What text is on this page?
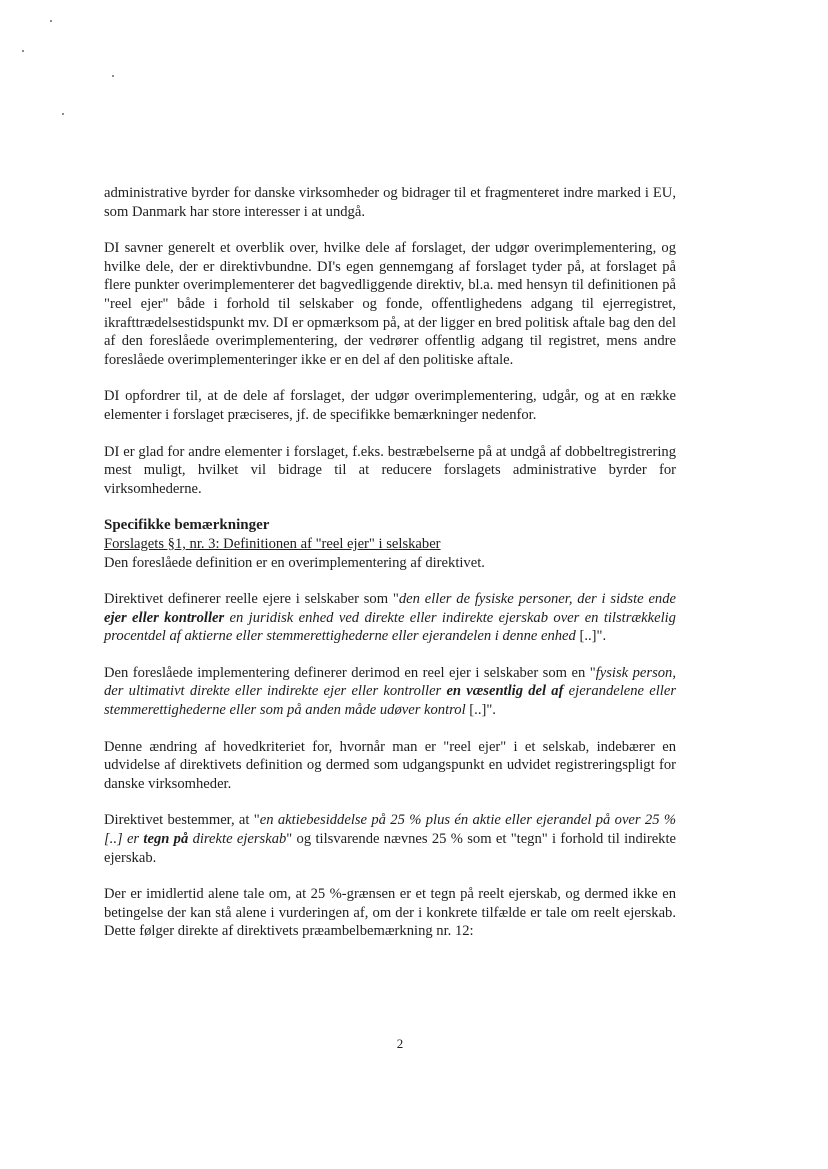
administrative byrder for danske virksomheder og bidrager til et fragmenteret indre marked i EU, som Danmark har store interesser i at undgå.

DI savner generelt et overblik over, hvilke dele af forslaget, der udgør overimplementering, og hvilke dele, der er direktivbundne. DI's egen gennemgang af forslaget tyder på, at forslaget på flere punkter overimplementerer det bagvedliggende direktiv, bl.a. med hensyn til definitionen på "reel ejer" både i forhold til selskaber og fonde, offentlighedens adgang til ejerregistret, ikrafttrædelsestidspunkt mv. DI er opmærksom på, at der ligger en bred politisk aftale bag den del af den foreslåede overimplementering, der vedrører offentlig adgang til registret, mens andre foreslåede overimplementeringer ikke er en del af den politiske aftale.

DI opfordrer til, at de dele af forslaget, der udgør overimplementering, udgår, og at en række elementer i forslaget præciseres, jf. de specifikke bemærkninger nedenfor.

DI er glad for andre elementer i forslaget, f.eks. bestræbelserne på at undgå af dobbeltregistrering mest muligt, hvilket vil bidrage til at reducere forslagets administrative byrder for virksomhederne.

Specifikke bemærkninger

Forslagets §1, nr. 3: Definitionen af "reel ejer" i selskaber

Den foreslåede definition er en overimplementering af direktivet.

Direktivet definerer reelle ejere i selskaber som "den eller de fysiske personer, der i sidste ende ejer eller kontroller en juridisk enhed ved direkte eller indirekte ejerskab over en tilstrækkelig procentdel af aktierne eller stemmerettighederne eller ejerandelen i denne enhed [..]".

Den foreslåede implementering definerer derimod en reel ejer i selskaber som en "fysisk person, der ultimativt direkte eller indirekte ejer eller kontroller en væsentlig del af ejerandelene eller stemmerettighederne eller som på anden måde udøver kontrol [..]".

Denne ændring af hovedkriteriet for, hvornår man er "reel ejer" i et selskab, indebærer en udvidelse af direktivets definition og dermed som udgangspunkt en udvidet registreringspligt for danske virksomheder.

Direktivet bestemmer, at "en aktiebesiddelse på 25 % plus én aktie eller ejerandel på over 25 % [..] er tegn på direkte ejerskab" og tilsvarende nævnes 25 % som et "tegn" i forhold til indirekte ejerskab.

Der er imidlertid alene tale om, at 25 %-grænsen er et tegn på reelt ejerskab, og dermed ikke en betingelse der kan stå alene i vurderingen af, om der i konkrete tilfælde er tale om reelt ejerskab. Dette følger direkte af direktivets præambelbemærkning nr. 12:

2
